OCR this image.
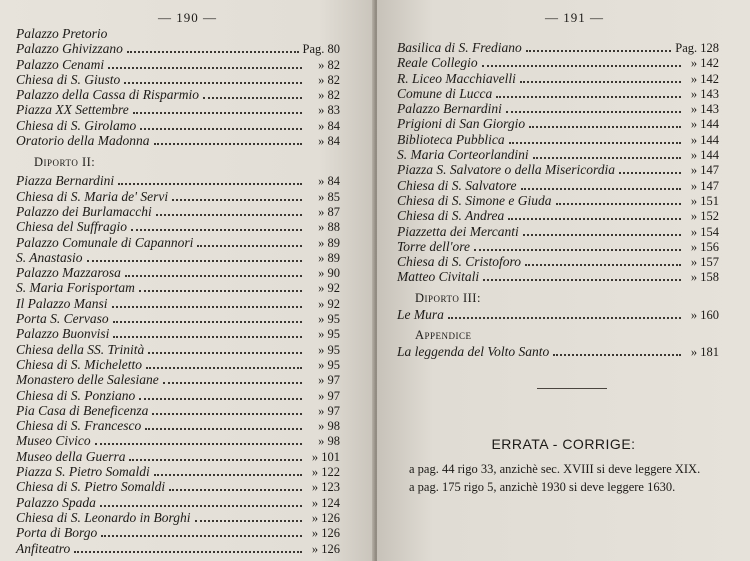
— 190 —
Palazzo Pretorio
Palazzo Ghivizzano	Pag. 80
Palazzo Cenami	» 82
Chiesa di S. Giusto	» 82
Palazzo della Cassa di Risparmio	» 82
Piazza XX Settembre	» 83
Chiesa di S. Girolamo	» 84
Oratorio della Madonna	» 84
Diporto II:
Piazza Bernardini	» 84
Chiesa di S. Maria de' Servi	» 85
Palazzo dei Burlamacchi	» 87
Chiesa del Suffragio	» 88
Palazzo Comunale di Capannori	» 89
S. Anastasio	» 89
Palazzo Mazzarosa	» 90
S. Maria Forisportam	» 92
Il Palazzo Mansi	» 92
Porta S. Cervaso	» 95
Palazzo Buonvisi	» 95
Chiesa della SS. Trinità	» 95
Chiesa di S. Micheletto	» 95
Monastero delle Salesiane	» 97
Chiesa di S. Ponziano	» 97
Pia Casa di Beneficenza	» 97
Chiesa di S. Francesco	» 98
Museo Civico	» 98
Museo della Guerra	» 101
Piazza S. Pietro Somaldi	» 122
Chiesa di S. Pietro Somaldi	» 123
Palazzo Spada	» 124
Chiesa di S. Leonardo in Borghi	» 126
Porta di Borgo	» 126
Anfiteatro	» 126
— 191 —
Basilica di S. Frediano	Pag. 128
Reale Collegio	» 142
R. Liceo Macchiavelli	» 142
Comune di Lucca	» 143
Palazzo Bernardini	» 143
Prigioni di San Giorgio	» 144
Biblioteca Pubblica	» 144
S. Maria Corteorlandini	» 144
Piazza S. Salvatore o della Misericordia	» 147
Chiesa di S. Salvatore	» 147
Chiesa di S. Simone e Giuda	» 151
Chiesa di S. Andrea	» 152
Piazzetta dei Mercanti	» 154
Torre dell'ore	» 156
Chiesa di S. Cristoforo	» 157
Matteo Civitali	» 158
Diporto III:
Le Mura	» 160
Appendice
La leggenda del Volto Santo	» 181
ERRATA - CORRIGE:
a pag. 44 rigo 33, anzichè sec. XVIII si deve leggere XIX.
a pag. 175 rigo 5, anzichè 1930 si deve leggere 1630.
